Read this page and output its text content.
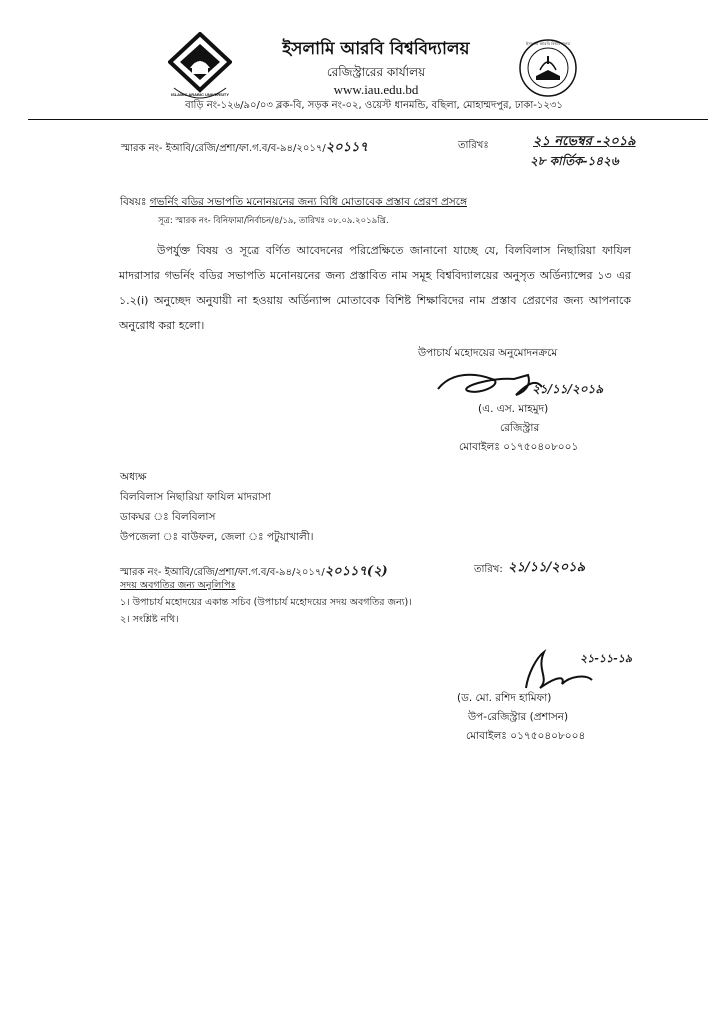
ISLAMIC ARABIC UNIVERSITY
ইসলামি আরবি বিশ্ববিদ্যালয়
ইসলামি আরবি বিশ্ববিদ্যালয়
রেজিস্ট্রারের কার্যালয়
www.iau.edu.bd
বাড়ি নং-১২৬/৯০/০৩ ব্লক-বি, সড়ক নং-০২, ওয়েস্ট ধানমন্ডি, বছিলা, মোহাম্মদপুর, ঢাকা-১২৩১
স্মারক নং- ইআবি/রেজি/প্রশা/ফা.গ.ব/ব-৯৪/২০১৭/২০১১৭	তারিখঃ	২১ নভেম্বর -২০১৯
২৮ কার্তিক-১৪২৬
বিষয়ঃ গভর্নিং বডির সভাপতি মনোনয়নের জন্য বিধি মোতাবেক প্রস্তাব প্রেরণ প্রসঙ্গে
সূত্র: স্মারক নং- বিনিফামা/নির্বাচন/৪/১৯, তারিখঃ ০৮.০৯.২০১৯খ্রি.

উপর্যুক্ত বিষয় ও সূত্রে বর্ণিত আবেদনের পরিপ্রেক্ষিতে জানানো যাচ্ছে যে, বিলবিলাস নিছারিয়া ফাযিল মাদরাসার গভর্নিং বডির সভাপতি মনোনয়নের জন্য প্রস্তাবিত নাম সমূহ বিশ্ববিদ্যালয়ের অনুসৃত অর্ডিন্যান্সের ১৩ এর ১.২(i) অনুচ্ছেদ অনুযায়ী না হওয়ায় অর্ডিন্যান্স মোতাবেক বিশিষ্ট শিক্ষাবিদের নাম প্রস্তাব প্রেরণের জন্য আপনাকে অনুরোধ করা হলো।

উপাচার্য মহোদয়ের অনুমোদনক্রমে
২১/১১/২০১৯
(এ. এস. মাহমুদ)
রেজিস্ট্রার
মোবাইলঃ ০১৭৫০৪০৮০০১
অধ্যক্ষ
বিলবিলাস নিছারিয়া ফাযিল মাদরাসা
ডাকঘর ঃ বিলবিলাস
উপজেলা ঃ বাউফল, জেলা ঃ পটুয়াখালী।
স্মারক নং- ইআবি/রেজি/প্রশা/ফা.গ.ব/ব-৯৪/২০১৭/২০১১৭(২)	তারিখ: ২১/১১/২০১৯
সদয় অবগতির জন্য অনুলিপিঃ
১। উপাচার্য মহোদয়ের একান্ত সচিব (উপাচার্য মহোদয়ের সদয় অবগতির জন্য)।
২। সংশ্লিষ্ট নথি।
২১-১১-১৯
(ড. মো. রশিদ হামিফা)
উপ-রেজিস্ট্রার (প্রশাসন)
মোবাইলঃ ০১৭৫০৪০৮০০৪
